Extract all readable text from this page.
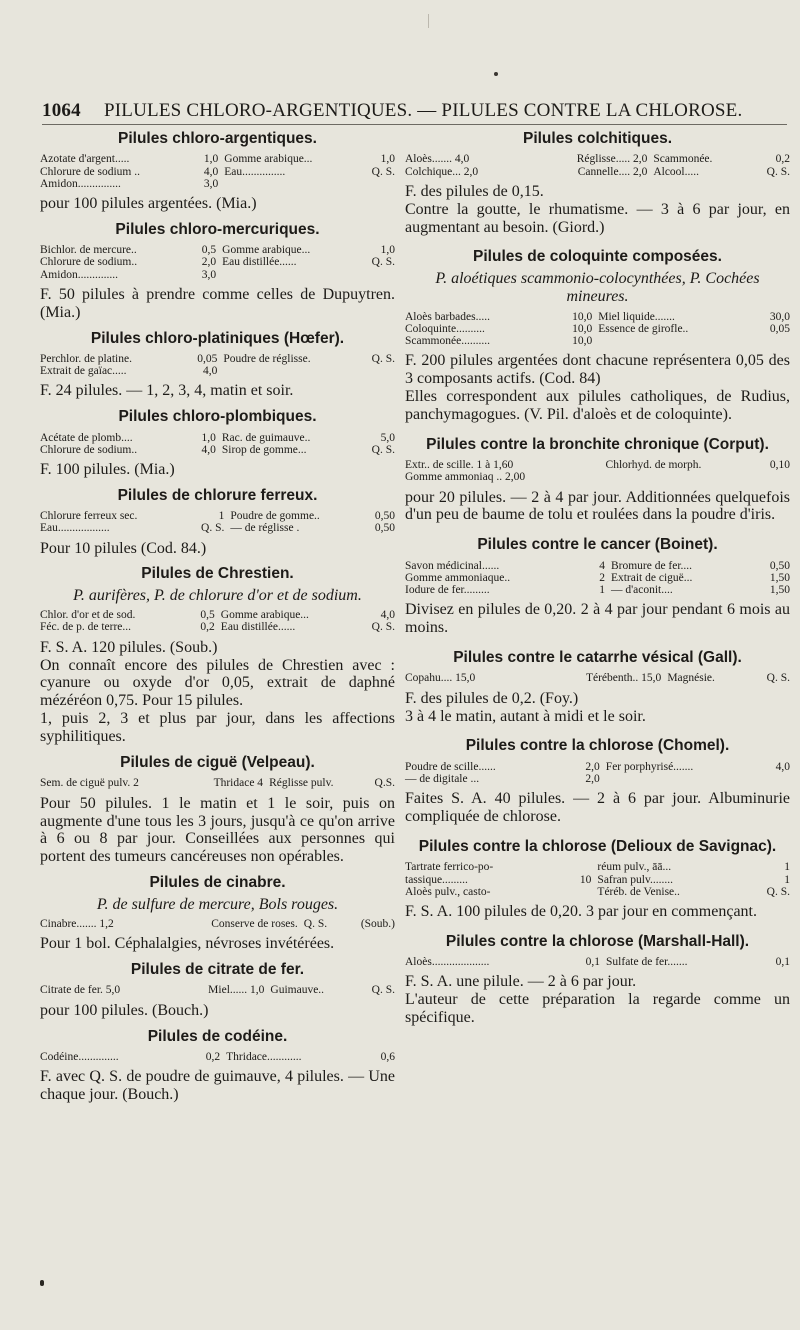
1064 PILULES CHLORO-ARGENTIQUES. — PILULES CONTRE LA CHLOROSE.
Pilules chloro-argentiques.
Azotate d'argent.....	1,0	Gomme arabique...	1,0
Chlorure de sodium ..	4,0	Eau...............	Q. S.
Amidon...............	3,0		

pour 100 pilules argentées. (Mia.)

Pilules chloro-mercuriques.
Bichlor. de mercure..	0,5	Gomme arabique...	1,0
Chlorure de sodium..	2,0	Eau distillée......	Q. S.
Amidon..............	3,0		

F. 50 pilules à prendre comme celles de Dupuytren. (Mia.)

Pilules chloro-platiniques (Hœfer).
Perchlor. de platine.	0,05	Poudre de réglisse.	Q. S.
Extrait de gaïac.....	4,0		

F. 24 pilules. — 1, 2, 3, 4, matin et soir.

Pilules chloro-plombiques.
Acétate de plomb....	1,0	Rac. de guimauve..	5,0
Chlorure de sodium..	4,0	Sirop de gomme...	Q. S.

F. 100 pilules. (Mia.)

Pilules de chlorure ferreux.
Chlorure ferreux sec.	1	Poudre de gomme..	0,50
Eau..................	Q. S.	— de réglisse .	0,50

Pour 10 pilules (Cod. 84.)

Pilules de Chrestien.
P. aurifères, P. de chlorure d'or et de sodium.
Chlor. d'or et de sod.	0,5	Gomme arabique...	4,0
Féc. de p. de terre...	0,2	Eau distillée......	Q. S.

F. S. A. 120 pilules. (Soub.)

On connaît encore des pilules de Chrestien avec : cyanure ou oxyde d'or 0,05, extrait de daphné mézéréon 0,75. Pour 15 pilules.

1, puis 2, 3 et plus par jour, dans les affections syphilitiques.

Pilules de ciguë (Velpeau).
Sem. de ciguë pulv. 2	Thridace 4	Réglisse pulv.	Q.S.

Pour 50 pilules. 1 le matin et 1 le soir, puis on augmente d'une tous les 3 jours, jusqu'à ce qu'on arrive à 6 ou 8 par jour. Conseillées aux personnes qui portent des tumeurs cancéreuses non opérables.

Pilules de cinabre.
P. de sulfure de mercure, Bols rouges.
Cinabre....... 1,2	Conserve de roses.	Q. S.	(Soub.)

Pour 1 bol. Céphalalgies, névroses invétérées.

Pilules de citrate de fer.
Citrate de fer. 5,0	Miel...... 1,0	Guimauve..	Q. S.

pour 100 pilules. (Bouch.)

Pilules de codéine.
Codéine..............	0,2	Thridace............	0,6

F. avec Q. S. de poudre de guimauve, 4 pilules. — Une chaque jour. (Bouch.)

Pilules colchitiques.
Aloès....... 4,0	Réglisse..... 2,0	Scammonée.	0,2
Colchique... 2,0	Cannelle.... 2,0	Alcool.....	Q. S.

F. des pilules de 0,15.

Contre la goutte, le rhumatisme. — 3 à 6 par jour, en augmentant au besoin. (Giord.)

Pilules de coloquinte composées.
P. aloétiques scammonio-colocynthées, P. Cochées mineures.
Aloès barbades.....	10,0	Miel liquide.......	30,0
Coloquinte..........	10,0	Essence de girofle..	0,05
Scammonée..........	10,0		

F. 200 pilules argentées dont chacune représentera 0,05 des 3 composants actifs. (Cod. 84)

Elles correspondent aux pilules catholiques, de Rudius, panchymagogues. (V. Pil. d'aloès et de coloquinte).

Pilules contre la bronchite chronique (Corput).
Extr.. de scille. 1 à 1,60		Chlorhyd. de morph.	0,10
Gomme ammoniaq .. 2,00			

pour 20 pilules. — 2 à 4 par jour. Additionnées quelquefois d'un peu de baume de tolu et roulées dans la poudre d'iris.

Pilules contre le cancer (Boinet).
Savon médicinal......	4	Bromure de fer....	0,50
Gomme ammoniaque..	2	Extrait de ciguë...	1,50
Iodure de fer.........	1	— d'aconit....	1,50

Divisez en pilules de 0,20. 2 à 4 par jour pendant 6 mois au moins.

Pilules contre le catarrhe vésical (Gall).
Copahu.... 15,0	Térébenth.. 15,0	Magnésie.	Q. S.

F. des pilules de 0,2. (Foy.)

3 à 4 le matin, autant à midi et le soir.

Pilules contre la chlorose (Chomel).
Poudre de scille......	2,0	Fer porphyrisé.......	4,0
— de digitale ...	2,0		

Faites S. A. 40 pilules. — 2 à 6 par jour. Albuminurie compliquée de chlorose.

Pilules contre la chlorose (Delioux de Savignac).
Tartrate ferrico-po-		réum pulv., āā...	1
tassique.........	10	Safran pulv........	1
Aloès pulv., casto-		Téréb. de Venise..	Q. S.

F. S. A. 100 pilules de 0,20. 3 par jour en commençant.

Pilules contre la chlorose (Marshall-Hall).
Aloès....................	0,1	Sulfate de fer.......	0,1

F. S. A. une pilule. — 2 à 6 par jour.

L'auteur de cette préparation la regarde comme un spécifique.
